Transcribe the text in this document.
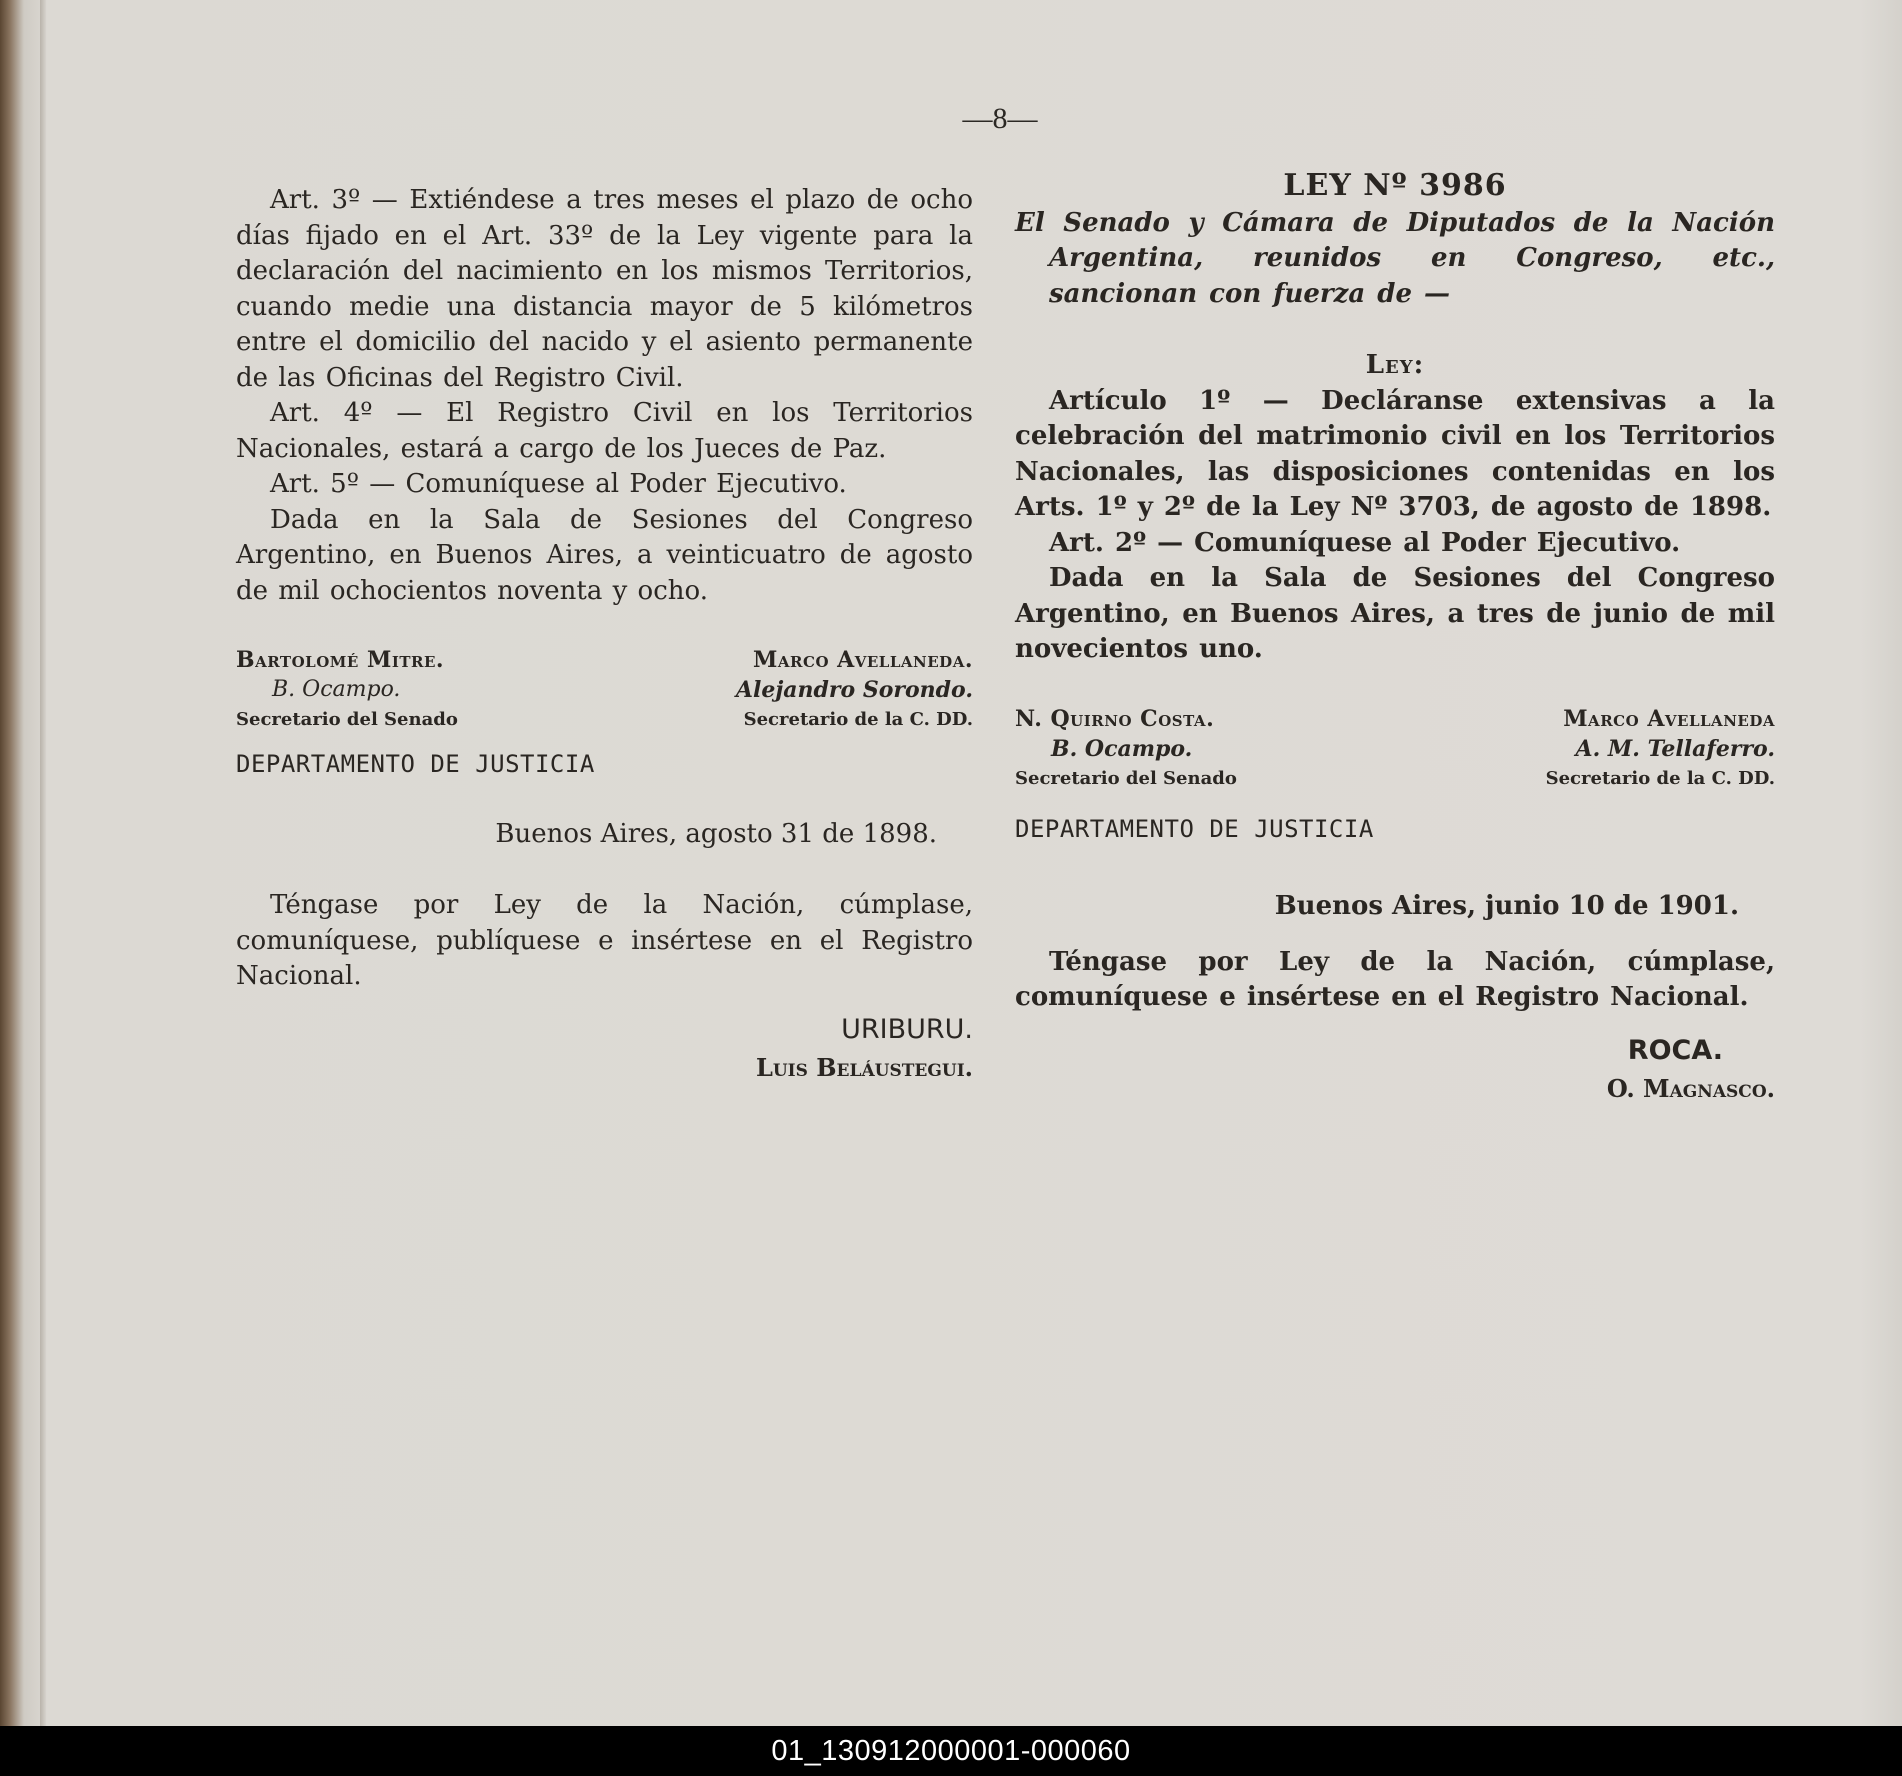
—8—

Art. 3º — Extiéndese a tres meses el plazo de ocho días fijado en el Art. 33º de la Ley vigente para la declaración del nacimiento en los mismos Territorios, cuando medie una distancia mayor de 5 kilómetros entre el domicilio del nacido y el asiento permanente de las Oficinas del Registro Civil.

Art. 4º — El Registro Civil en los Territorios Nacionales, estará a cargo de los Jueces de Paz.

Art. 5º — Comuníquese al Poder Ejecutivo.

Dada en la Sala de Sesiones del Congreso Argentino, en Buenos Aires, a veinticuatro de agosto de mil ochocientos noventa y ocho.

Bartolomé Mitre.
B. Ocampo.
Secretario del Senado
Marco Avellaneda.
Alejandro Sorondo.
Secretario de la C. DD.

DEPARTAMENTO DE JUSTICIA

Buenos Aires, agosto 31 de 1898.

Téngase por Ley de la Nación, cúmplase, comuníquese, publíquese e insértese en el Registro Nacional.

URIBURU.

Luis Beláustegui.

LEY Nº 3986

El Senado y Cámara de Diputados de la Nación Argentina, reunidos en Congreso, etc., sancionan con fuerza de —

Ley:

Artículo 1º — Decláranse extensivas a la celebración del matrimonio civil en los Territorios Nacionales, las disposiciones contenidas en los Arts. 1º y 2º de la Ley Nº 3703, de agosto de 1898.

Art. 2º — Comuníquese al Poder Ejecutivo.

Dada en la Sala de Sesiones del Congreso Argentino, en Buenos Aires, a tres de junio de mil novecientos uno.

N. Quirno Costa.
B. Ocampo.
Secretario del Senado
Marco Avellaneda
A. M. Tellaferro.
Secretario de la C. DD.

DEPARTAMENTO DE JUSTICIA

Buenos Aires, junio 10 de 1901.

Téngase por Ley de la Nación, cúmplase, comuníquese e insértese en el Registro Nacional.

ROCA.

O. Magnasco.

01_130912000001-000060
